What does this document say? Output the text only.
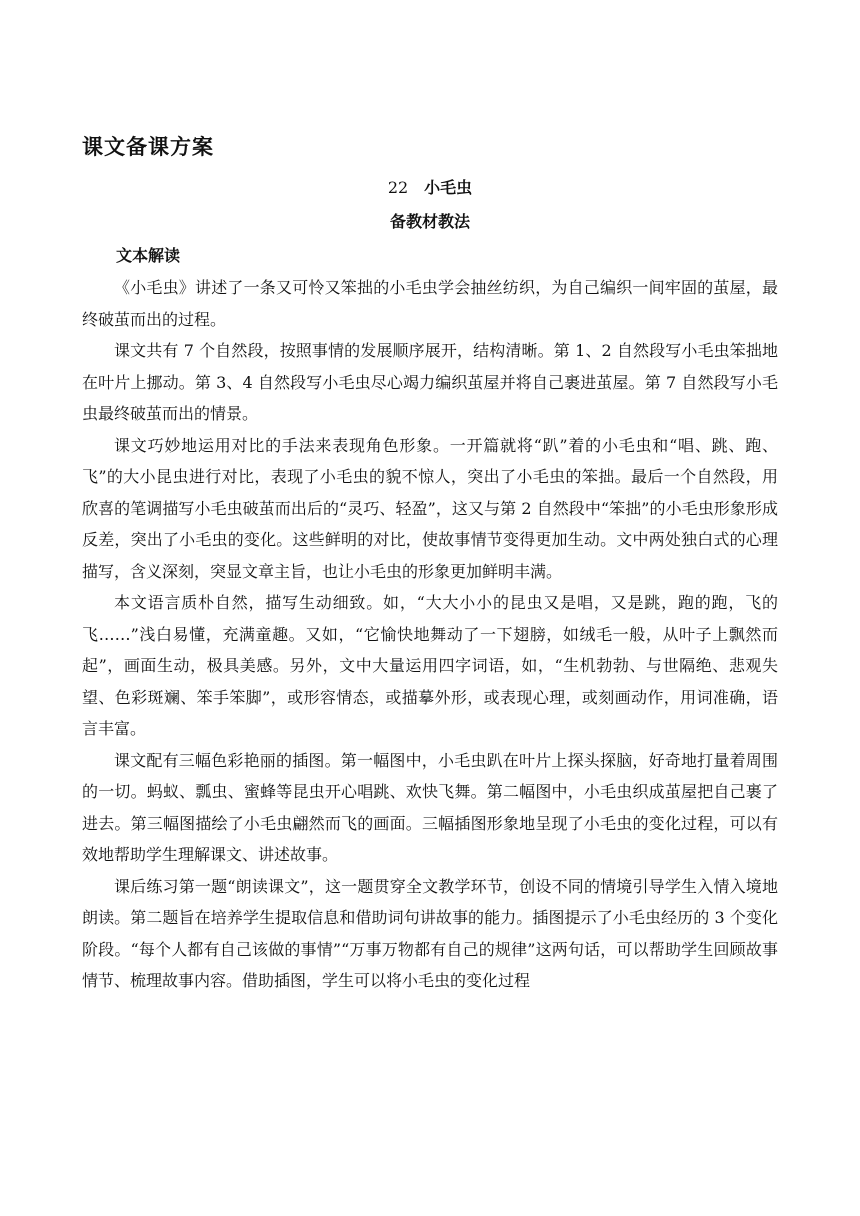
课文备课方案
22 小毛虫
备教材教法
文本解读

《小毛虫》讲述了一条又可怜又笨拙的小毛虫学会抽丝纺织，为自己编织一间牢固的茧屋，最终破茧而出的过程。

课文共有 7 个自然段，按照事情的发展顺序展开，结构清晰。第 1、2 自然段写小毛虫笨拙地在叶片上挪动。第 3、4 自然段写小毛虫尽心竭力编织茧屋并将自己裹进茧屋。第 7 自然段写小毛虫最终破茧而出的情景。

课文巧妙地运用对比的手法来表现角色形象。一开篇就将“趴”着的小毛虫和“唱、跳、跑、飞”的大小昆虫进行对比，表现了小毛虫的貌不惊人，突出了小毛虫的笨拙。最后一个自然段，用欣喜的笔调描写小毛虫破茧而出后的“灵巧、轻盈”，这又与第 2 自然段中“笨拙”的小毛虫形象形成反差，突出了小毛虫的变化。这些鲜明的对比，使故事情节变得更加生动。文中两处独白式的心理描写，含义深刻，突显文章主旨，也让小毛虫的形象更加鲜明丰满。

本文语言质朴自然，描写生动细致。如，“大大小小的昆虫又是唱，又是跳，跑的跑，飞的飞……”浅白易懂，充满童趣。又如，“它愉快地舞动了一下翅膀，如绒毛一般，从叶子上飘然而起”，画面生动，极具美感。另外，文中大量运用四字词语，如，“生机勃勃、与世隔绝、悲观失望、色彩斑斓、笨手笨脚”，或形容情态，或描摹外形，或表现心理，或刻画动作，用词准确，语言丰富。

课文配有三幅色彩艳丽的插图。第一幅图中，小毛虫趴在叶片上探头探脑，好奇地打量着周围的一切。蚂蚁、瓢虫、蜜蜂等昆虫开心唱跳、欢快飞舞。第二幅图中，小毛虫织成茧屋把自己裹了进去。第三幅图描绘了小毛虫翩然而飞的画面。三幅插图形象地呈现了小毛虫的变化过程，可以有效地帮助学生理解课文、讲述故事。

课后练习第一题“朗读课文”，这一题贯穿全文教学环节，创设不同的情境引导学生入情入境地朗读。第二题旨在培养学生提取信息和借助词句讲故事的能力。插图提示了小毛虫经历的 3 个变化阶段。“每个人都有自己该做的事情”“万事万物都有自己的规律”这两句话，可以帮助学生回顾故事情节、梳理故事内容。借助插图，学生可以将小毛虫的变化过程
